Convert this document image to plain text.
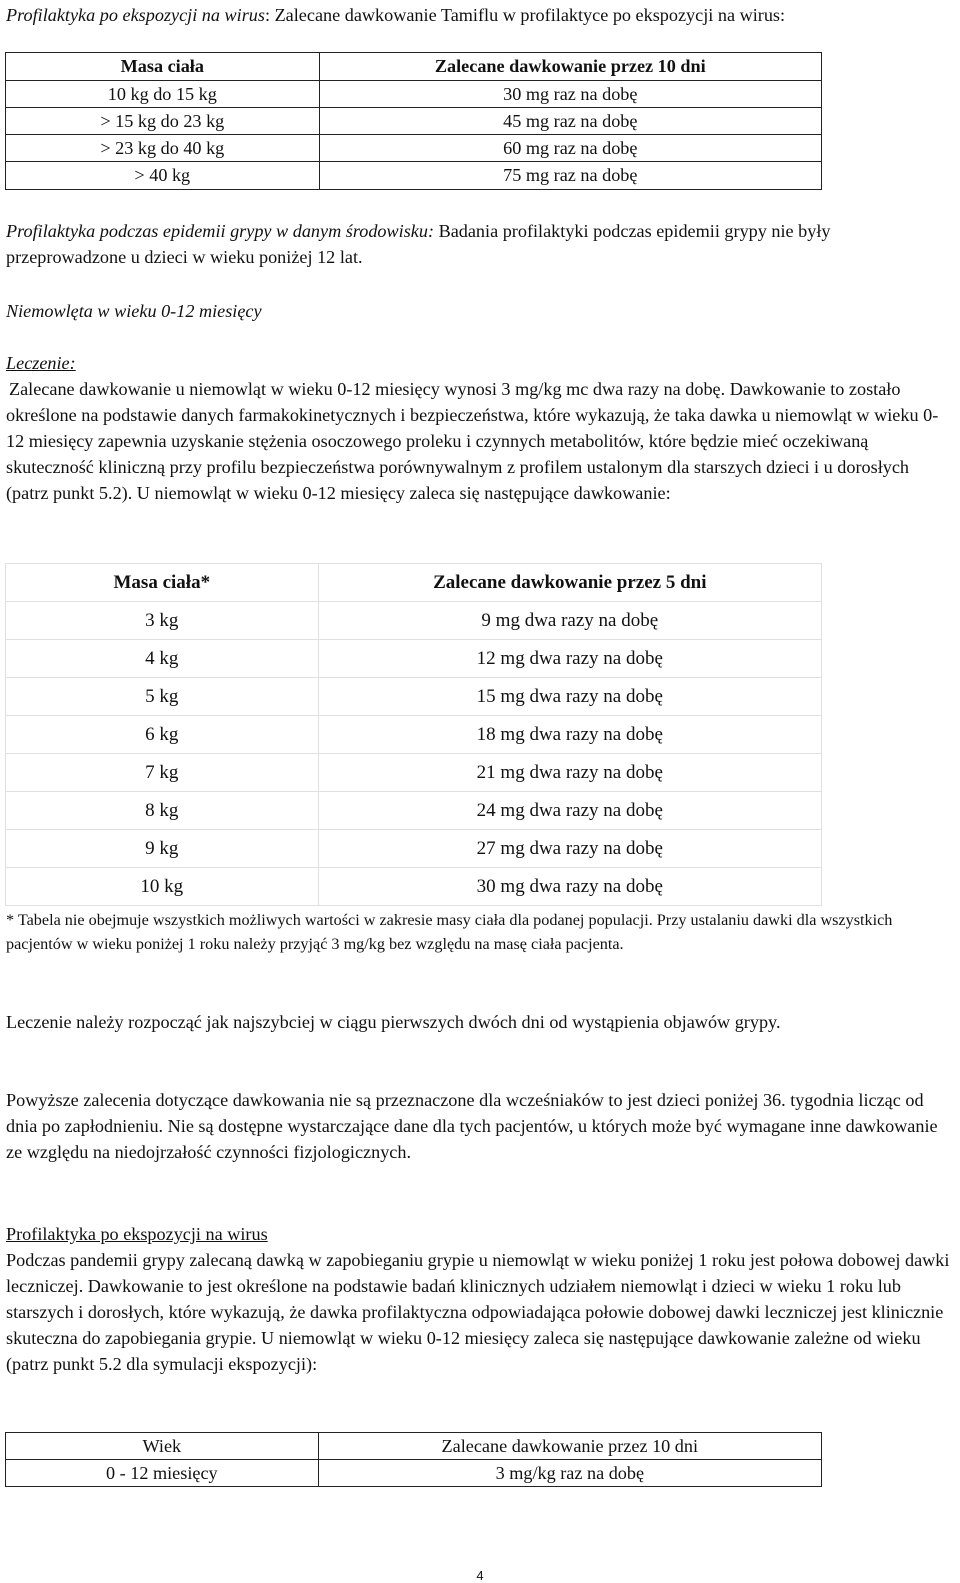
Profilaktyka po ekspozycji na wirus: Zalecane dawkowanie Tamiflu w profilaktyce po ekspozycji na wirus:

Masa ciała	Zalecane dawkowanie przez 10 dni
10 kg do 15 kg	30 mg raz na dobę
> 15 kg do 23 kg	45 mg raz na dobę
> 23 kg do 40 kg	60 mg raz na dobę
> 40 kg	75 mg raz na dobę

Profilaktyka podczas epidemii grypy w danym środowisku: Badania profilaktyki podczas epidemii grypy nie były przeprowadzone u dzieci w wieku poniżej 12 lat.

Niemowlęta w wieku 0-12 miesięcy

Leczenie:

Zalecane dawkowanie u niemowląt w wieku 0-12 miesięcy wynosi 3 mg/kg mc dwa razy na dobę. Dawkowanie to zostało określone na podstawie danych farmakokinetycznych i bezpieczeństwa, które wykazują, że taka dawka u niemowląt w wieku 0-12 miesięcy zapewnia uzyskanie stężenia osoczowego proleku i czynnych metabolitów, które będzie mieć oczekiwaną skuteczność kliniczną przy profilu bezpieczeństwa porównywalnym z profilem ustalonym dla starszych dzieci i u dorosłych (patrz punkt 5.2). U niemowląt w wieku 0-12 miesięcy zaleca się następujące dawkowanie:

Masa ciała*	Zalecane dawkowanie przez 5 dni
3 kg	9 mg dwa razy na dobę
4 kg	12 mg dwa razy na dobę
5 kg	15 mg dwa razy na dobę
6 kg	18 mg dwa razy na dobę
7 kg	21 mg dwa razy na dobę
8 kg	24 mg dwa razy na dobę
9 kg	27 mg dwa razy na dobę
10 kg	30 mg dwa razy na dobę
* Tabela nie obejmuje wszystkich możliwych wartości w zakresie masy ciała dla podanej populacji. Przy ustalaniu dawki dla wszystkich pacjentów w wieku poniżej 1 roku należy przyjąć 3 mg/kg bez względu na masę ciała pacjenta.

Leczenie należy rozpocząć jak najszybciej w ciągu pierwszych dwóch dni od wystąpienia objawów grypy.

Powyższe zalecenia dotyczące dawkowania nie są przeznaczone dla wcześniaków to jest dzieci poniżej 36. tygodnia licząc od dnia po zapłodnieniu. Nie są dostępne wystarczające dane dla tych pacjentów, u których może być wymagane inne dawkowanie ze względu na niedojrzałość czynności fizjologicznych.

Profilaktyka po ekspozycji na wirus

Podczas pandemii grypy zalecaną dawką w zapobieganiu grypie u niemowląt w wieku poniżej 1 roku jest połowa dobowej dawki leczniczej. Dawkowanie to jest określone na podstawie badań klinicznych udziałem niemowląt i dzieci w wieku 1 roku lub starszych i dorosłych, które wykazują, że dawka profilaktyczna odpowiadająca połowie dobowej dawki leczniczej jest klinicznie skuteczna do zapobiegania grypie. U niemowląt w wieku 0-12 miesięcy zaleca się następujące dawkowanie zależne od wieku (patrz punkt 5.2 dla symulacji ekspozycji):

Wiek	Zalecane dawkowanie przez 10 dni
0 - 12 miesięcy	3 mg/kg raz na dobę
4
